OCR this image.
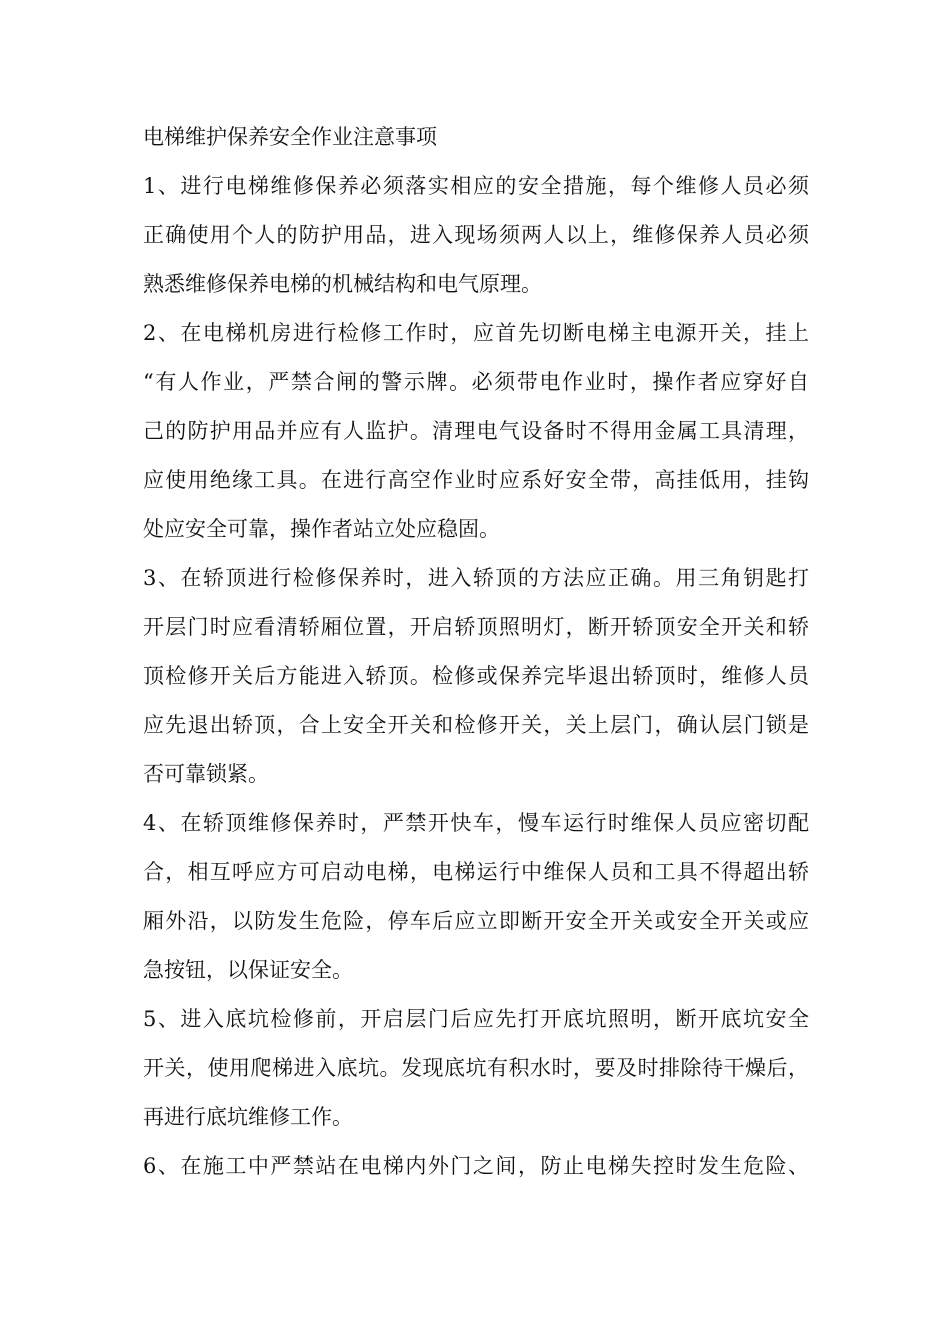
电梯维护保养安全作业注意事项

1、进行电梯维修保养必须落实相应的安全措施，每个维修人员必须
正确使用个人的防护用品，进入现场须两人以上，维修保养人员必须
熟悉维修保养电梯的机械结构和电气原理。

2、在电梯机房进行检修工作时，应首先切断电梯主电源开关，挂上
“有人作业，严禁合闸的警示牌。必须带电作业时，操作者应穿好自
己的防护用品并应有人监护。清理电气设备时不得用金属工具清理，
应使用绝缘工具。在进行高空作业时应系好安全带，高挂低用，挂钩
处应安全可靠，操作者站立处应稳固。

3、在轿顶进行检修保养时，进入轿顶的方法应正确。用三角钥匙打
开层门时应看清轿厢位置，开启轿顶照明灯，断开轿顶安全开关和轿
顶检修开关后方能进入轿顶。检修或保养完毕退出轿顶时，维修人员
应先退出轿顶，合上安全开关和检修开关，关上层门，确认层门锁是
否可靠锁紧。

4、在轿顶维修保养时，严禁开快车，慢车运行时维保人员应密切配
合，相互呼应方可启动电梯，电梯运行中维保人员和工具不得超出轿
厢外沿，以防发生危险，停车后应立即断开安全开关或安全开关或应
急按钮，以保证安全。

5、进入底坑检修前，开启层门后应先打开底坑照明，断开底坑安全
开关，使用爬梯进入底坑。发现底坑有积水时，要及时排除待干燥后，
再进行底坑维修工作。

6、在施工中严禁站在电梯内外门之间，防止电梯失控时发生危险、
